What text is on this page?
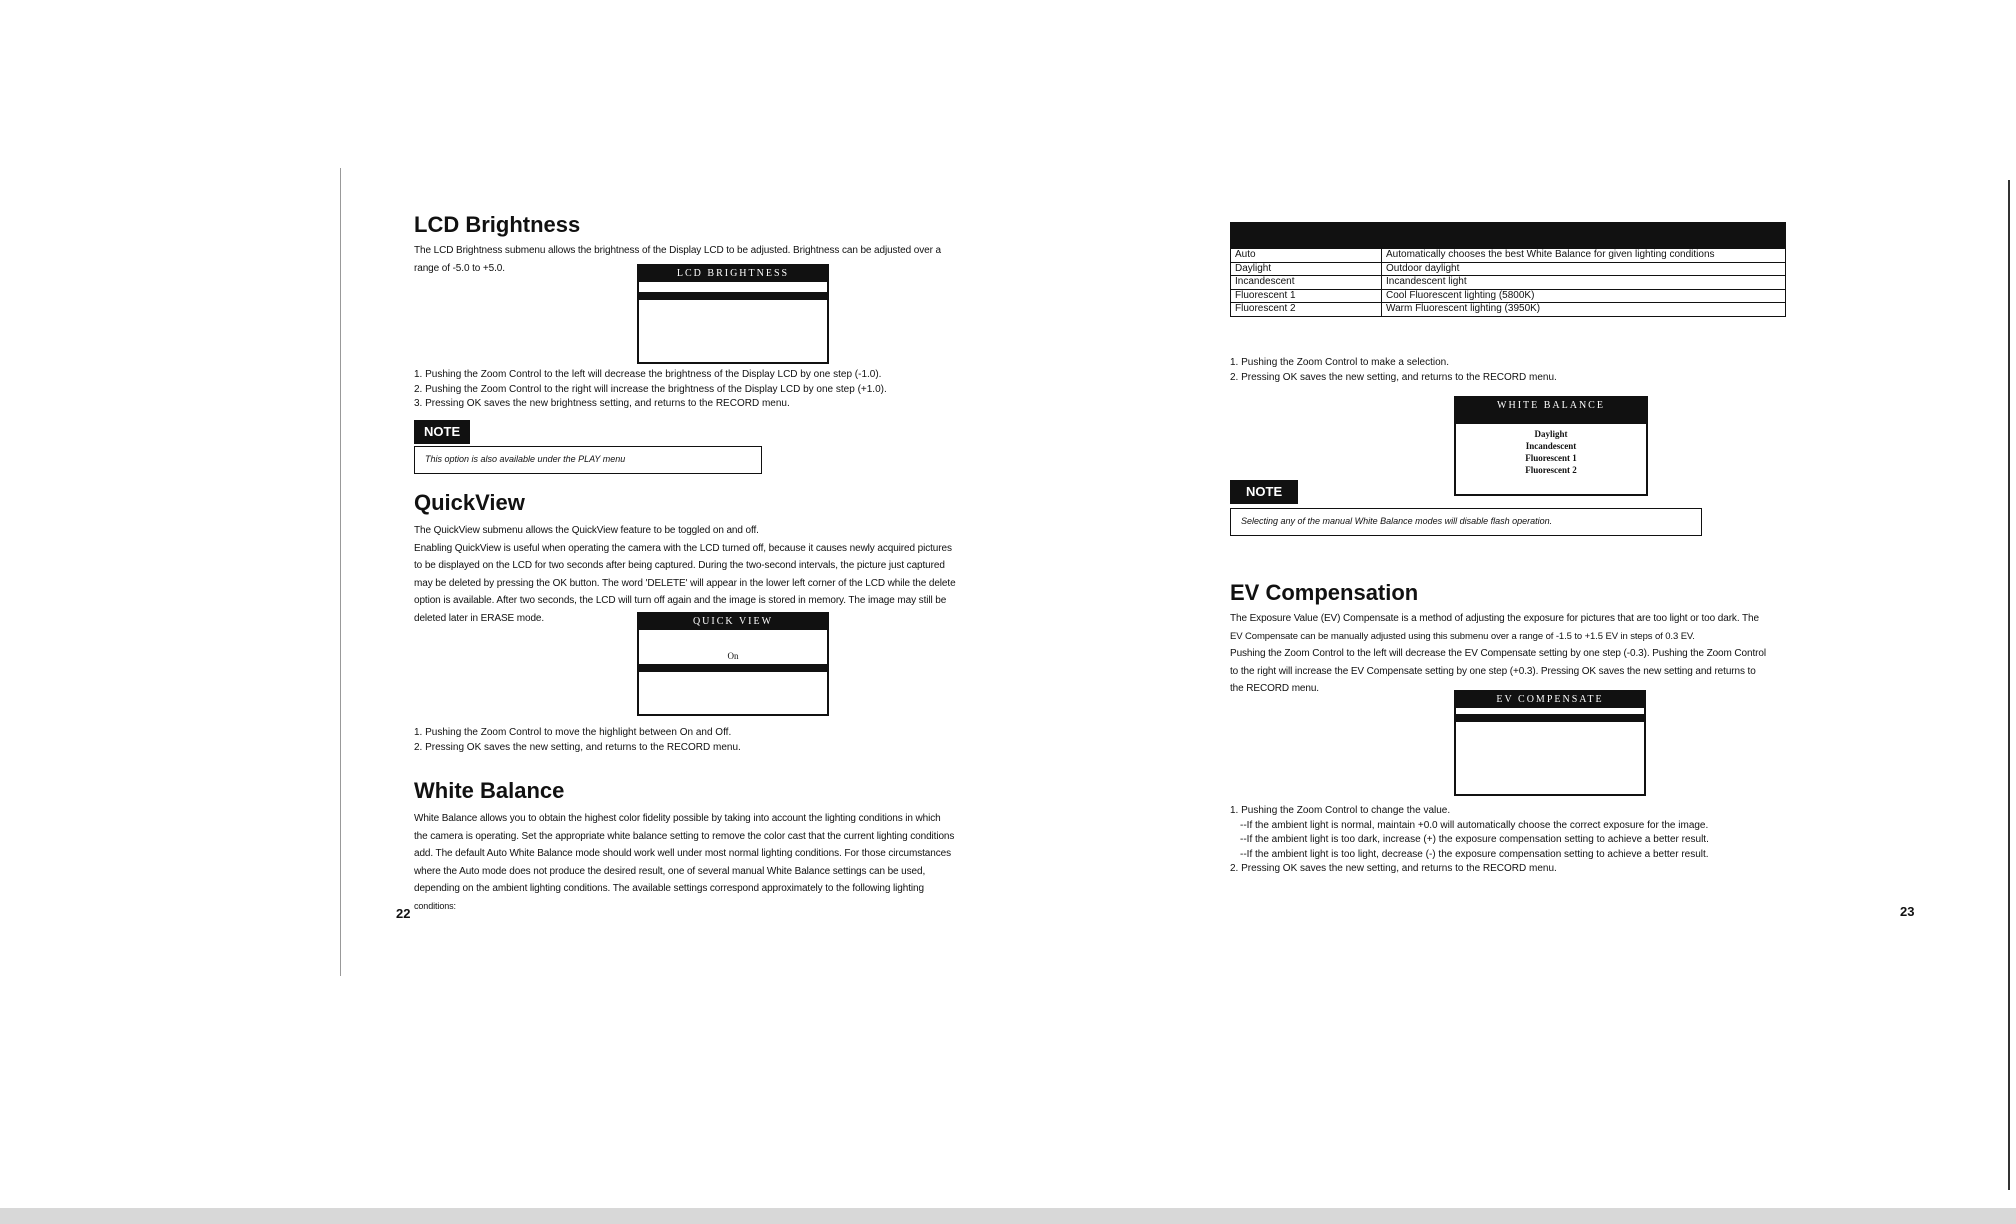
LCD Brightness

The LCD Brightness submenu allows the brightness of the Display LCD to be adjusted. Brightness can be adjusted over a

range of -5.0 to +5.0.	LCD BRIGHTNESS
1. Pushing the Zoom Control to the left will decrease the brightness of the Display LCD by one step (-1.0).
2. Pushing the Zoom Control to the right will increase the brightness of the Display LCD by one step (+1.0).
3. Pressing OK saves the new brightness setting, and returns to the RECORD menu.
NOTE
This option is also available under the PLAY menu
QuickView

The QuickView submenu allows the QuickView feature to be toggled on and off.

Enabling QuickView is useful when operating the camera with the LCD turned off, because it causes newly acquired pictures

to be displayed on the LCD for two seconds after being captured. During the two-second intervals, the picture just captured

may be deleted by pressing the OK button. The word 'DELETE' will appear in the lower left corner of the LCD while the delete

option is available. After two seconds, the LCD will turn off again and the image is stored in memory. The image may still be

deleted later in ERASE mode.	QUICK VIEW
On
1. Pushing the Zoom Control to move the highlight between On and Off.
2. Pressing OK saves the new setting, and returns to the RECORD menu.
White Balance

White Balance allows you to obtain the highest color fidelity possible by taking into account the lighting conditions in which

the camera is operating. Set the appropriate white balance setting to remove the color cast that the current lighting conditions

add. The default Auto White Balance mode should work well under most normal lighting conditions. For those circumstances

where the Auto mode does not produce the desired result, one of several manual White Balance settings can be used,

depending on the ambient lighting conditions. The available settings correspond approximately to the following lighting

conditions:

22
Auto	Automatically chooses the best White Balance for given lighting conditions
Daylight	Outdoor daylight
Incandescent	Incandescent light
Fluorescent 1	Cool Fluorescent lighting (5800K)
Fluorescent 2	Warm Fluorescent lighting (3950K)
1. Pushing the Zoom Control to make a selection.
2. Pressing OK saves the new setting, and returns to the RECORD menu.
WHITE BALANCE
Daylight
Incandescent
Fluorescent 1
Fluorescent 2
NOTE
Selecting any of the manual White Balance modes will disable flash operation.
EV Compensation

The Exposure Value (EV) Compensate is a method of adjusting the exposure for pictures that are too light or too dark. The

EV Compensate can be manually adjusted using this submenu over a range of -1.5 to +1.5 EV in steps of 0.3 EV.

Pushing the Zoom Control to the left will decrease the EV Compensate setting by one step (-0.3). Pushing the Zoom Control

to the right will increase the EV Compensate setting by one step (+0.3). Pressing OK saves the new setting and returns to

the RECORD menu.

EV COMPENSATE
1. Pushing the Zoom Control to change the value.
--If the ambient light is normal, maintain +0.0 will automatically choose the correct exposure for the image.
--If the ambient light is too dark, increase (+) the exposure compensation setting to achieve a better result.
--If the ambient light is too light, decrease (-) the exposure compensation setting to achieve a better result.
2. Pressing OK saves the new setting, and returns to the RECORD menu.
23
